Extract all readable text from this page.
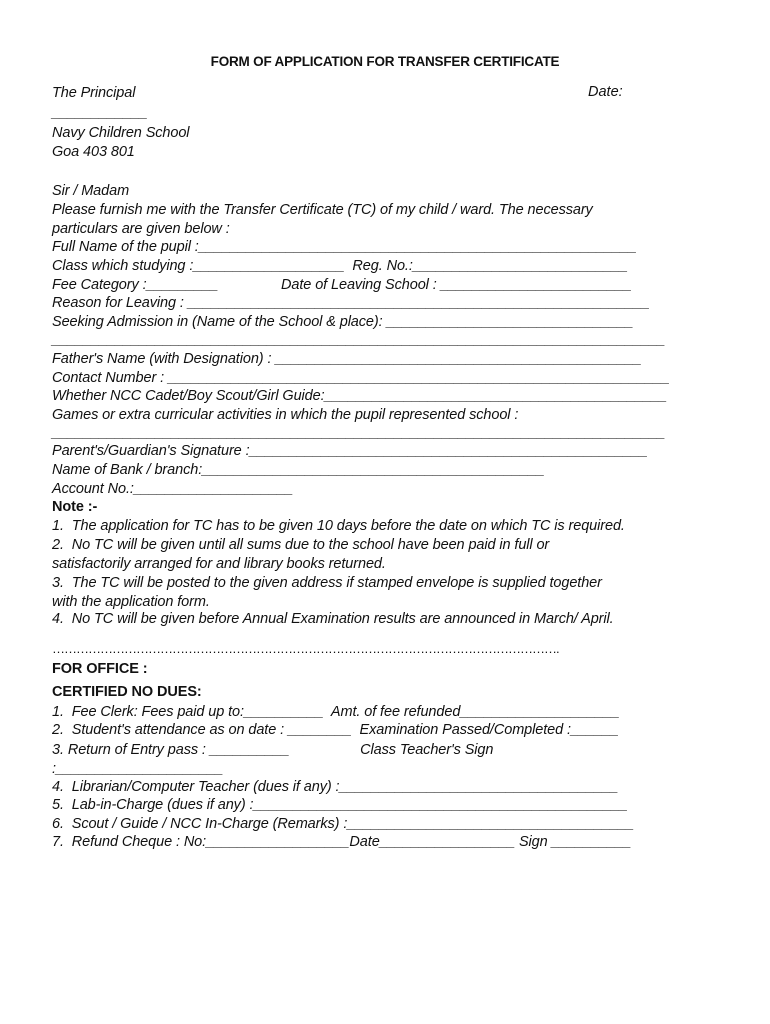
FORM OF APPLICATION FOR TRANSFER CERTIFICATE
The Principal	Date:
____________
Navy Children School
Goa 403 801
Sir / Madam
Please furnish me with the Transfer Certificate (TC) of my child / ward. The necessary
particulars are given below :
Full Name of the pupil :_______________________________________________________
Class which studying :___________________  Reg. No.:___________________________
Fee Category :_________                Date of Leaving School : ________________________
Reason for Leaving : __________________________________________________________
Seeking Admission in (Name of the School & place): _______________________________
_____________________________________________________________________________
Father's Name (with Designation) : ______________________________________________
Contact Number : _______________________________________________________________
Whether NCC Cadet/Boy Scout/Girl Guide:___________________________________________
Games or extra curricular activities in which the pupil represented school :
_____________________________________________________________________________
Parent's/Guardian's Signature :__________________________________________________
Name of Bank / branch:___________________________________________
Account No.:____________________
Note :-
1.  The application for TC has to be given 10 days before the date on which TC is required.
2.  No TC will be given until all sums due to the school have been paid in full or
satisfactorily arranged for and library books returned.
3.  The TC will be posted to the given address if stamped envelope is supplied together
with the application form.
4.  No TC will be given before Annual Examination results are announced in March/ April.
……………………………………………………………………………………………………………….
FOR OFFICE :
CERTIFIED NO DUES:
1.  Fee Clerk: Fees paid up to:__________  Amt. of fee refunded____________________
2.  Student's attendance as on date : ________  Examination Passed/Completed :______
3. Return of Entry pass : __________                  Class Teacher's Sign
:_____________________
4.  Librarian/Computer Teacher (dues if any) :___________________________________
5.  Lab-in-Charge (dues if any) :_______________________________________________
6.  Scout / Guide / NCC In-Charge (Remarks) :____________________________________
7.  Refund Cheque : No:__________________Date_________________ Sign __________
